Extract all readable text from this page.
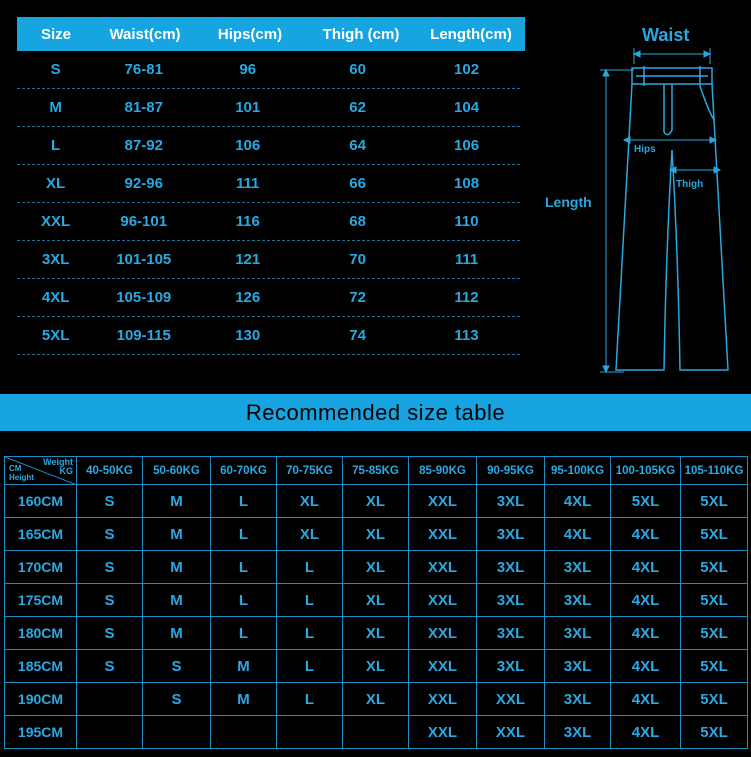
Size	Waist(cm)	Hips(cm)	Thigh (cm)	Length(cm)
S	76-81	96	60	102
M	81-87	101	62	104
L	87-92	106	64	106
XL	92-96	111	66	108
XXL	96-101	116	68	110
3XL	101-105	121	70	111
4XL	105-109	126	72	112
5XL	109-115	130	74	113
Waist
Hips
Thigh
Length
Recommended size table
Weight
KG
CM
Height	40-50KG	50-60KG	60-70KG	70-75KG	75-85KG	85-90KG	90-95KG	95-100KG	100-105KG	105-110KG
160CM	S	M	L	XL	XL	XXL	3XL	4XL	5XL	5XL
165CM	S	M	L	XL	XL	XXL	3XL	4XL	4XL	5XL
170CM	S	M	L	L	XL	XXL	3XL	3XL	4XL	5XL
175CM	S	M	L	L	XL	XXL	3XL	3XL	4XL	5XL
180CM	S	M	L	L	XL	XXL	3XL	3XL	4XL	5XL
185CM	S	S	M	L	XL	XXL	3XL	3XL	4XL	5XL
190CM		S	M	L	XL	XXL	XXL	3XL	4XL	5XL
195CM						XXL	XXL	3XL	4XL	5XL
